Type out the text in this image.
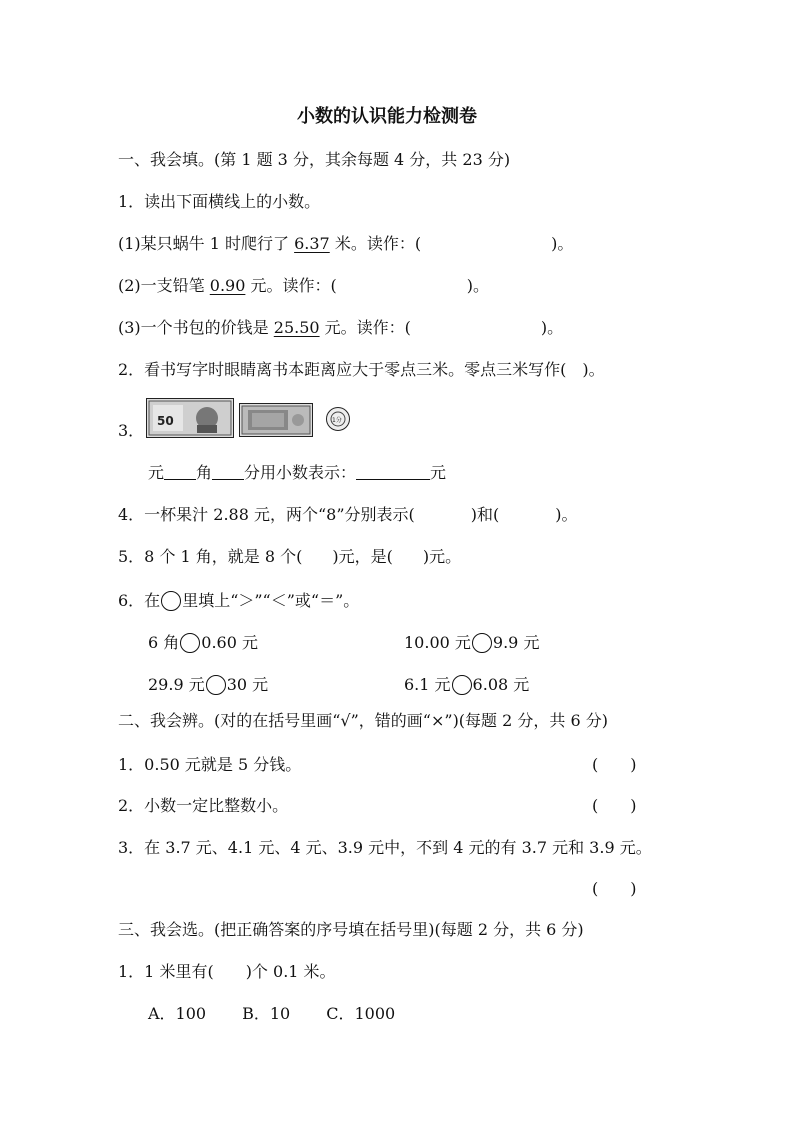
小数的认识能力检测卷
一、我会填。(第 1 题 3 分，其余每题 4 分，共 23 分)
1．读出下面横线上的小数。
(1)某只蜗牛 1 时爬行了 6.37 米。读作：(	)。
(2)一支铅笔 0.90 元。读作：(	)。
(3)一个书包的价钱是 25.50 元。读作：(	)。
2．看书写字时眼睛离书本距离应大于零点三米。零点三米写作(　)。
3． 50	1分
元 角 分用小数表示：	元
4．一杯果汁 2.88 元，两个“8”分别表示(	)和(	)。
5．8 个 1 角，就是 8 个( )元，是( )元。
6．在 里填上“＞”“＜”或“＝”。
6 角 0.60 元	10.00 元 9.9 元
29.9 元 30 元	6.1 元 6.08 元
二、我会辨。(对的在括号里画“√”，错的画“×”)(每题 2 分，共 6 分)
1．0.50 元就是 5 分钱。	(　　)
2．小数一定比整数小。	(　　)
3．在 3.7 元、4.1 元、4 元、3.9 元中，不到 4 元的有 3.7 元和 3.9 元。
(　　)
三、我会选。(把正确答案的序号填在括号里)(每题 2 分，共 6 分)
1．1 米里有(　　)个 0.1 米。
A．100 B．10 C．1000
